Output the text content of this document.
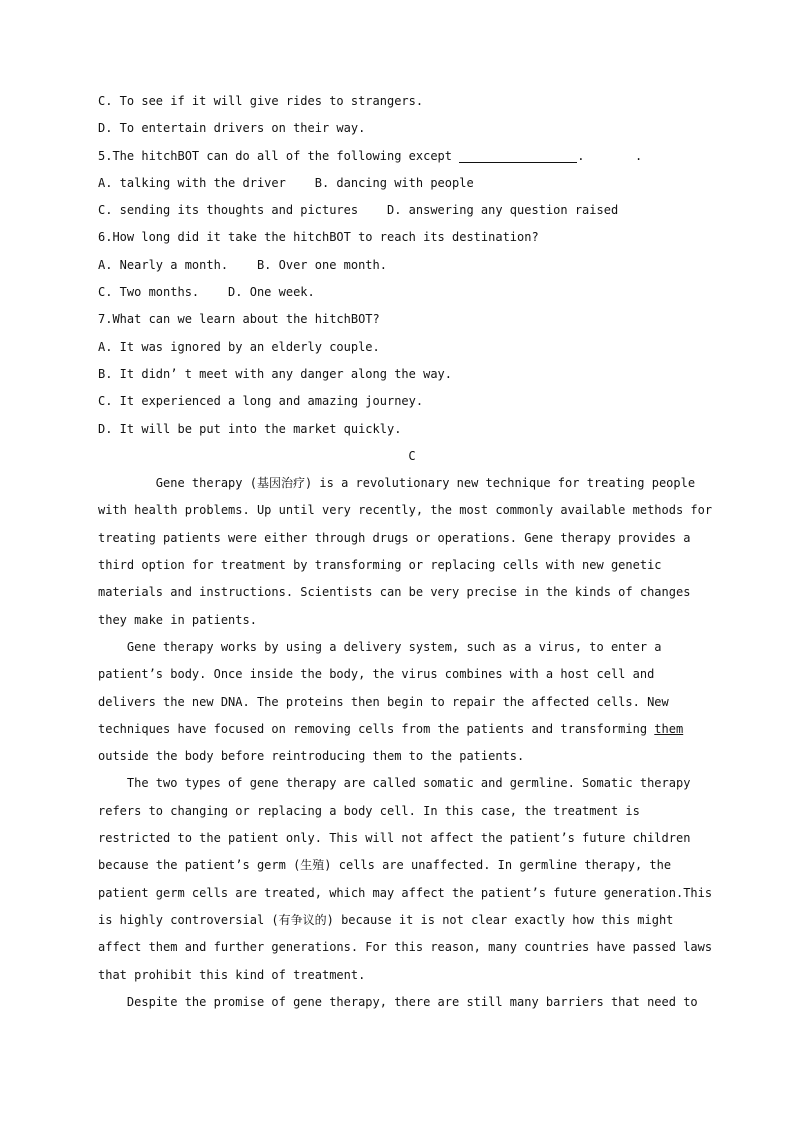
C. To see if it will give rides to strangers.
D. To entertain drivers on their way.
5.The hitchBOT can do all of the following except	.       .
A. talking with the driver    B. dancing with people
C. sending its thoughts and pictures    D. answering any question raised
6.How long did it take the hitchBOT to reach its destination?
A. Nearly a month.    B. Over one month.
C. Two months.    D. One week.
7.What can we learn about the hitchBOT?
A. It was ignored by an elderly couple.
B. It didn’ t meet with any danger along the way.
C. It experienced a long and amazing journey.
D. It will be put into the market quickly.
C
Gene therapy (基因治疗) is a revolutionary new technique for treating people
with health problems. Up until very recently, the most commonly available methods for
treating patients were either through drugs or operations. Gene therapy provides a
third option for treatment by transforming or replacing cells with new genetic
materials and instructions. Scientists can be very precise in the kinds of changes
they make in patients.
Gene therapy works by using a delivery system, such as a virus, to enter a
patient’s body. Once inside the body, the virus combines with a host cell and
delivers the new DNA. The proteins then begin to repair the affected cells. New
techniques have focused on removing cells from the patients and transforming them
outside the body before reintroducing them to the patients.
The two types of gene therapy are called somatic and germline. Somatic therapy
refers to changing or replacing a body cell. In this case, the treatment is
restricted to the patient only. This will not affect the patient’s future children
because the patient’s germ (生殖) cells are unaffected. In germline therapy, the
patient germ cells are treated, which may affect the patient’s future generation.This
is highly controversial (有争议的) because it is not clear exactly how this might
affect them and further generations. For this reason, many countries have passed laws
that prohibit this kind of treatment.
Despite the promise of gene therapy, there are still many barriers that need to
